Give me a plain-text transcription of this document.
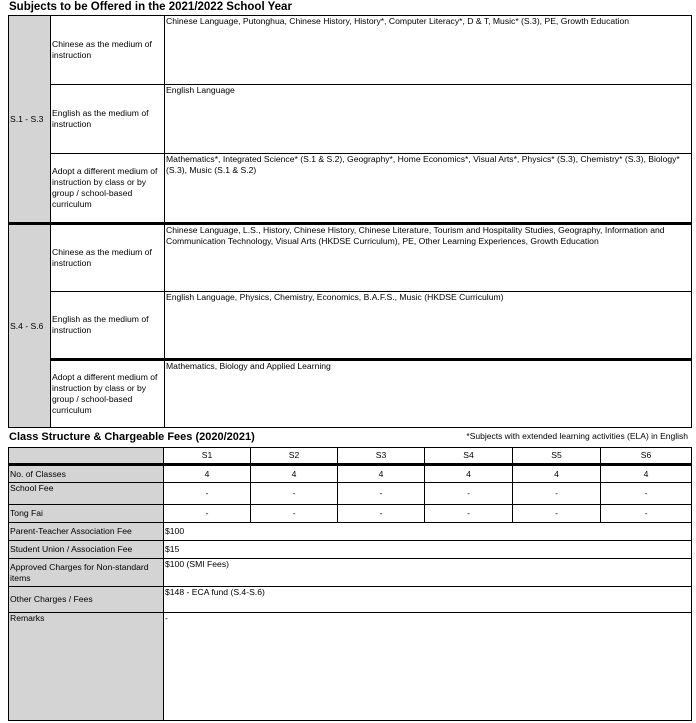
Subjects to be Offered in the 2021/2022 School Year
S.1 - S.3	Chinese as the medium of instruction	Chinese Language, Putonghua, Chinese History, History*, Computer Literacy*, D & T, Music* (S.3), PE, Growth Education
	English as the medium of instruction	English Language
	Adopt a different medium of instruction by class or by group / school-based curriculum	Mathematics*, Integrated Science* (S.1 & S.2), Geography*, Home Economics*, Visual Arts*, Physics* (S.3), Chemistry* (S.3), Biology* (S.3), Music (S.1 & S.2)
S.4 - S.6	Chinese as the medium of instruction	Chinese Language, L.S., History, Chinese History, Chinese Literature, Tourism and Hospitality Studies, Geography, Information and Communication Technology, Visual Arts (HKDSE Curriculum), PE, Other Learning Experiences, Growth Education
	English as the medium of instruction	English Language, Physics, Chemistry, Economics, B.A.F.S., Music (HKDSE Curriculum)
	Adopt a different medium of instruction by class or by group / school-based curriculum	Mathematics, Biology and Applied Learning
Class Structure & Chargeable Fees (2020/2021)	*Subjects with extended learning activities (ELA) in English
	S1	S2	S3	S4	S5	S6
No. of Classes	4	4	4	4	4	4
School Fee	-	-	-	-	-	-
Tong Fai	-	-	-	-	-	-
Parent-Teacher Association Fee	$100					
Student Union / Association Fee	$15					
Approved Charges for Non-standard items	$100 (SMI Fees)					
Other Charges / Fees	$148 - ECA fund (S.4-S.6)					
Remarks	-					
